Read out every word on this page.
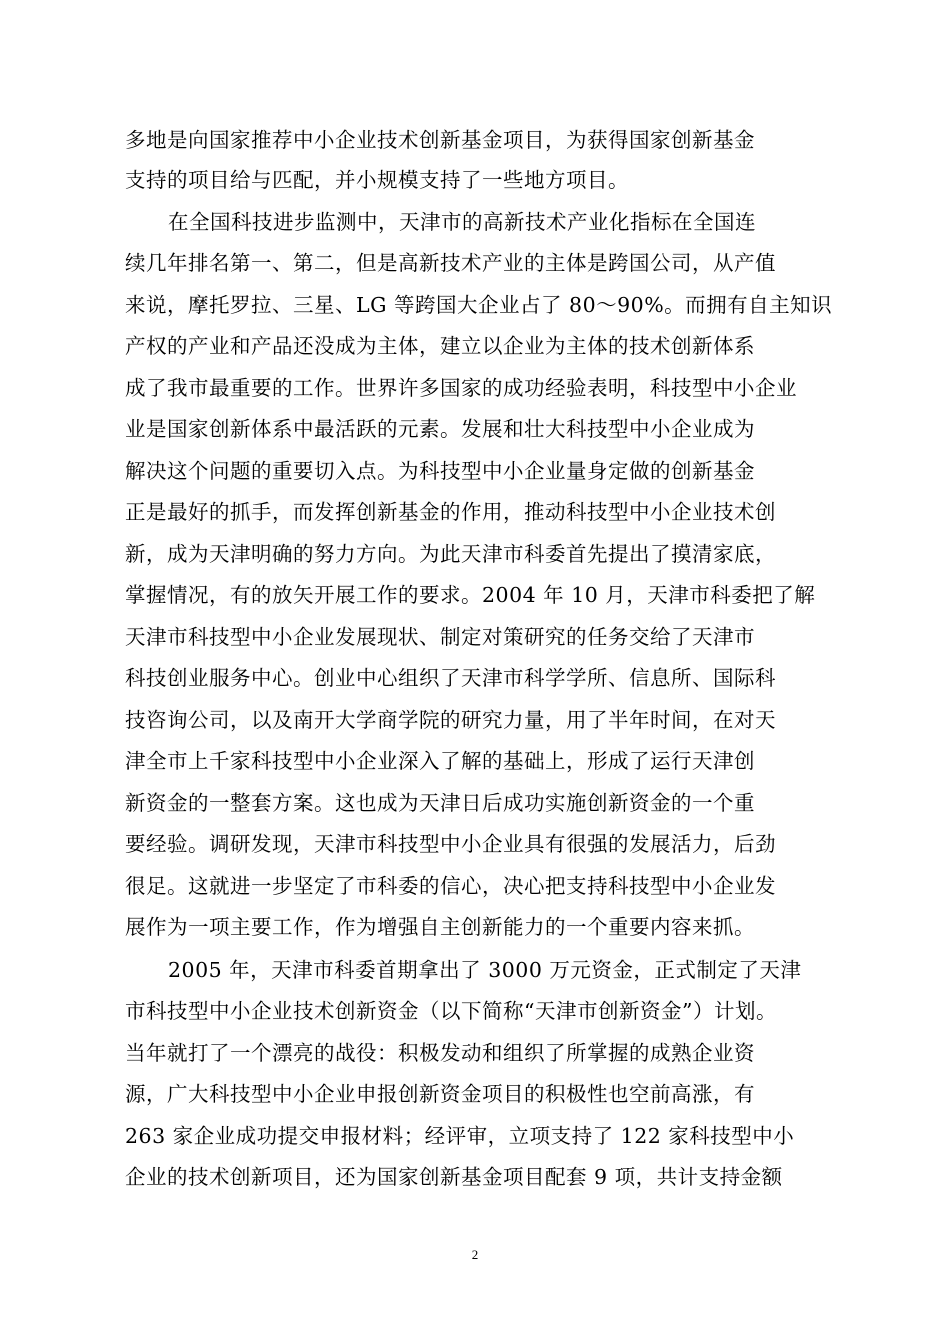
多地是向国家推荐中小企业技术创新基金项目，为获得国家创新基金
支持的项目给与匹配，并小规模支持了一些地方项目。
在全国科技进步监测中，天津市的高新技术产业化指标在全国连
续几年排名第一、第二，但是高新技术产业的主体是跨国公司，从产值
来说，摩托罗拉、三星、LG 等跨国大企业占了 80～90%。而拥有自主知识
产权的产业和产品还没成为主体，建立以企业为主体的技术创新体系
成了我市最重要的工作。世界许多国家的成功经验表明，科技型中小企业
业是国家创新体系中最活跃的元素。发展和壮大科技型中小企业成为
解决这个问题的重要切入点。为科技型中小企业量身定做的创新基金
正是最好的抓手，而发挥创新基金的作用，推动科技型中小企业技术创
新，成为天津明确的努力方向。为此天津市科委首先提出了摸清家底，
掌握情况，有的放矢开展工作的要求。2004 年 10 月，天津市科委把了解
天津市科技型中小企业发展现状、制定对策研究的任务交给了天津市
科技创业服务中心。创业中心组织了天津市科学学所、信息所、国际科
技咨询公司，以及南开大学商学院的研究力量，用了半年时间，在对天
津全市上千家科技型中小企业深入了解的基础上，形成了运行天津创
新资金的一整套方案。这也成为天津日后成功实施创新资金的一个重
要经验。调研发现，天津市科技型中小企业具有很强的发展活力，后劲
很足。这就进一步坚定了市科委的信心，决心把支持科技型中小企业发
展作为一项主要工作，作为增强自主创新能力的一个重要内容来抓。
2005 年，天津市科委首期拿出了 3000 万元资金，正式制定了天津
市科技型中小企业技术创新资金（以下简称“天津市创新资金”）计划。
当年就打了一个漂亮的战役：积极发动和组织了所掌握的成熟企业资
源，广大科技型中小企业申报创新资金项目的积极性也空前高涨，有
263 家企业成功提交申报材料；经评审，立项支持了 122 家科技型中小
企业的技术创新项目，还为国家创新基金项目配套 9 项，共计支持金额
2
